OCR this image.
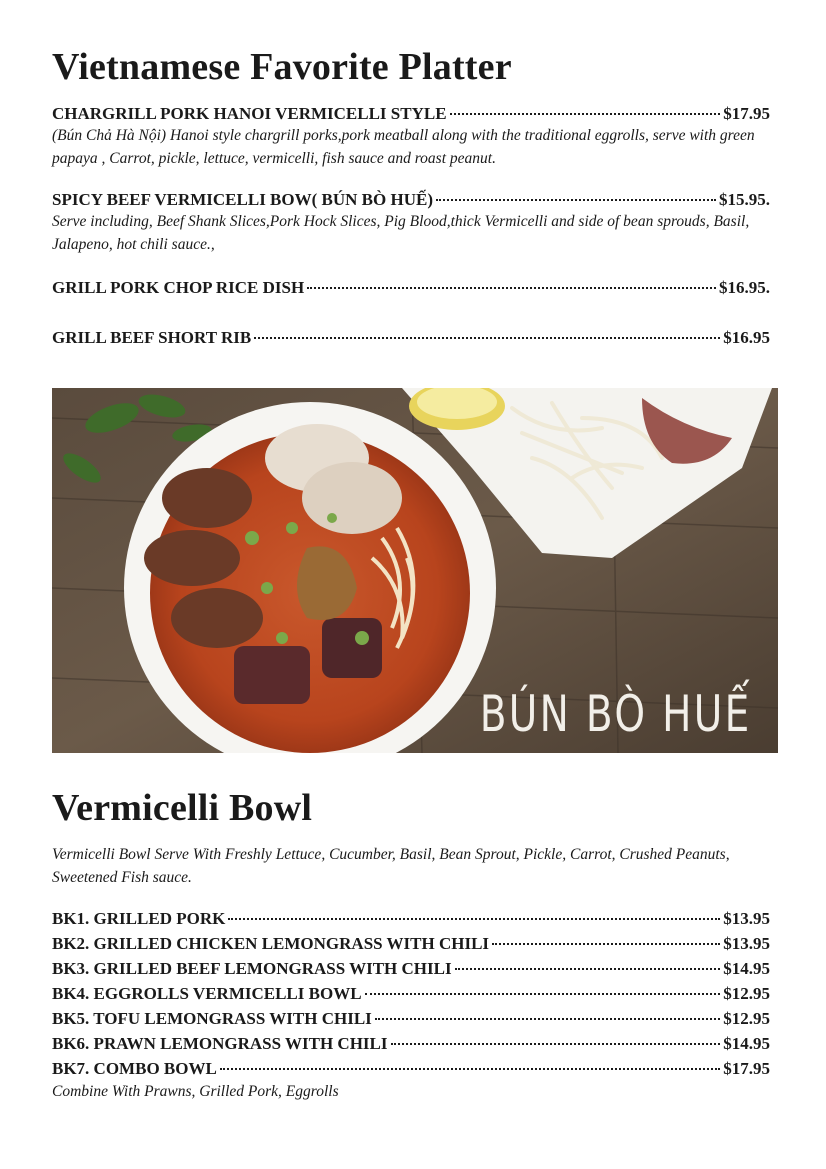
Vietnamese Favorite Platter
CHARGRILL PORK HANOI VERMICELLI STYLE	$17.95

(Bún Chả Hà Nội) Hanoi style chargrill porks,pork meatball along with the traditional eggrolls, serve with green papaya , Carrot, pickle, lettuce, vermicelli, fish sauce and roast peanut.

SPICY BEEF VERMICELLI BOW( BÚN BÒ HUẾ)	$15.95.

Serve including, Beef Shank Slices,Pork Hock Slices, Pig Blood,thick Vermicelli and side of bean sprouds, Basil, Jalapeno, hot chili sauce.,

GRILL PORK CHOP RICE DISH	$16.95.
GRILL BEEF SHORT RIB	$16.95
BÚN BÒ HUẾ
Vermicelli Bowl

Vermicelli Bowl Serve With Freshly Lettuce, Cucumber, Basil, Bean Sprout, Pickle, Carrot, Crushed Peanuts, Sweetened Fish sauce.

BK1. GRILLED PORK	$13.95
BK2. GRILLED CHICKEN LEMONGRASS WITH CHILI	$13.95
BK3. GRILLED BEEF LEMONGRASS WITH CHILI	$14.95
BK4. EGGROLLS VERMICELLI BOWL	$12.95
BK5. TOFU LEMONGRASS WITH CHILI	$12.95
BK6. PRAWN LEMONGRASS WITH CHILI	$14.95
BK7. COMBO BOWL	$17.95

Combine With Prawns, Grilled Pork, Eggrolls
